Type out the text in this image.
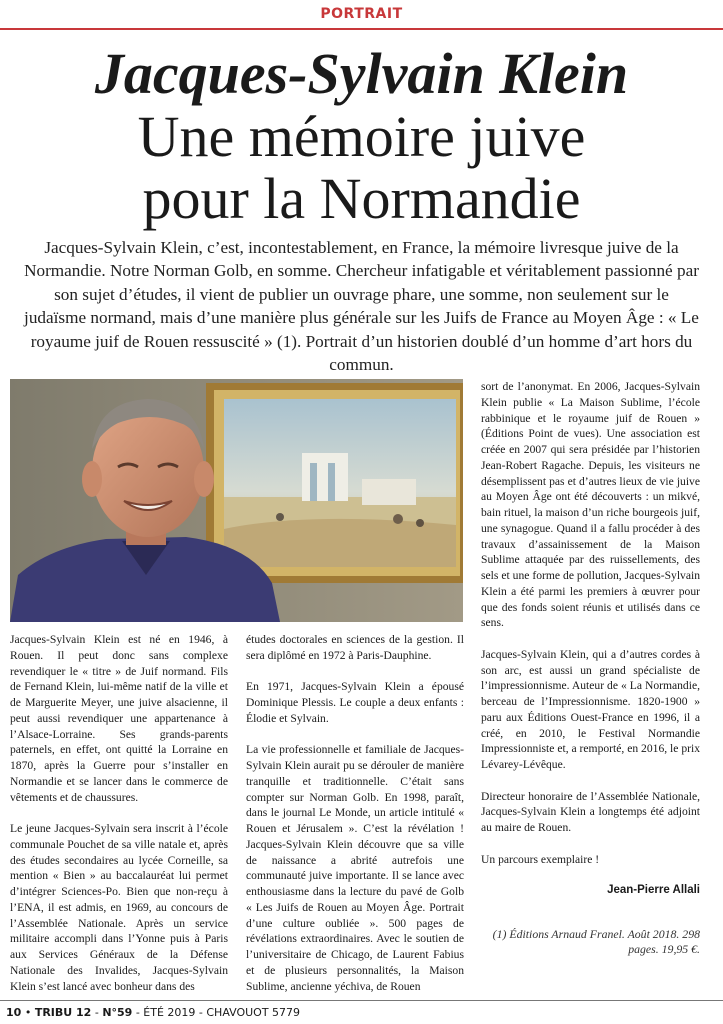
PORTRAIT
Jacques-Sylvain Klein
Une mémoire juive
pour la Normandie
Jacques-Sylvain Klein, c’est, incontestablement, en France, la mémoire livresque juive de la Normandie. Notre Norman Golb, en somme. Chercheur infatigable et véritablement passionné par son sujet d’études, il vient de publier un ouvrage phare, une somme, non seulement sur le judaïsme normand, mais d’une manière plus générale sur les Juifs de France au Moyen Âge : « Le royaume juif de Rouen ressuscité » (1). Portrait d’un historien doublé d’un homme d’art hors du commun.

Jacques-Sylvain Klein est né en 1946, à Rouen. Il peut donc sans complexe revendiquer le « titre » de Juif normand. Fils de Fernand Klein, lui-même natif de la ville et de Marguerite Meyer, une juive alsacienne, il peut aussi revendiquer une appartenance à l’Alsace-Lorraine. Ses grands-parents paternels, en effet, ont quitté la Lorraine en 1870, après la Guerre pour s’installer en Normandie et se lancer dans le commerce de vêtements et de chaussures.

Le jeune Jacques-Sylvain sera inscrit à l’école communale Pouchet de sa ville natale et, après des études secondaires au lycée Corneille, sa mention « Bien » au baccalauréat lui permet d’intégrer Sciences-Po. Bien que non-reçu à l’ENA, il est admis, en 1969, au concours de l’Assemblée Nationale. Après un service militaire accompli dans l’Yonne puis à Paris aux Services Généraux de la Défense Nationale des Invalides, Jacques-Sylvain Klein s’est lancé avec bonheur dans des

études doctorales en sciences de la gestion. Il sera diplômé en 1972 à Paris-Dauphine.

En 1971, Jacques-Sylvain Klein a épousé Dominique Plessis. Le couple a deux enfants : Élodie et Sylvain.

La vie professionnelle et familiale de Jacques-Sylvain Klein aurait pu se dérouler de manière tranquille et traditionnelle. C’était sans compter sur Norman Golb. En 1998, paraît, dans le journal Le Monde, un article intitulé « Rouen et Jérusalem ». C’est la révélation ! Jacques-Sylvain Klein découvre que sa ville de naissance a abrité autrefois une communauté juive importante. Il se lance avec enthousiasme dans la lecture du pavé de Golb « Les Juifs de Rouen au Moyen Âge. Portrait d’une culture oubliée ». 500 pages de révélations extraordinaires. Avec le soutien de l’universitaire de Chicago, de Laurent Fabius et de plusieurs personnalités, la Maison Sublime, ancienne yéchiva, de Rouen

sort de l’anonymat. En 2006, Jacques-Sylvain Klein publie « La Maison Sublime, l’école rabbinique et le royaume juif de Rouen » (Éditions Point de vues). Une association est créée en 2007 qui sera présidée par l’historien Jean-Robert Ragache. Depuis, les visiteurs ne désemplissent pas et d’autres lieux de vie juive au Moyen Âge ont été découverts : un mikvé, bain rituel, la maison d’un riche bourgeois juif, une synagogue. Quand il a fallu procéder à des travaux d’assainissement de la Maison Sublime attaquée par des ruissellements, des sels et une forme de pollution, Jacques-Sylvain Klein a été parmi les premiers à œuvrer pour que des fonds soient réunis et utilisés dans ce sens.

Jacques-Sylvain Klein, qui a d’autres cordes à son arc, est aussi un grand spécialiste de l’impressionnisme. Auteur de « La Normandie, berceau de l’Impressionnisme. 1820-1900 » paru aux Éditions Ouest-France en 1996, il a créé, en 2010, le Festival Normandie Impressionniste et, a remporté, en 2016, le prix Lévarey-Lévêque.

Directeur honoraire de l’Assemblée Nationale, Jacques-Sylvain Klein a longtemps été adjoint au maire de Rouen.

Un parcours exemplaire !

Jean-Pierre Allali
(1) Éditions Arnaud Franel. Août 2018. 298 pages. 19,95 €.
10 • TRIBU 12 - N°59 - ÉTÉ 2019 - CHAVOUOT 5779
